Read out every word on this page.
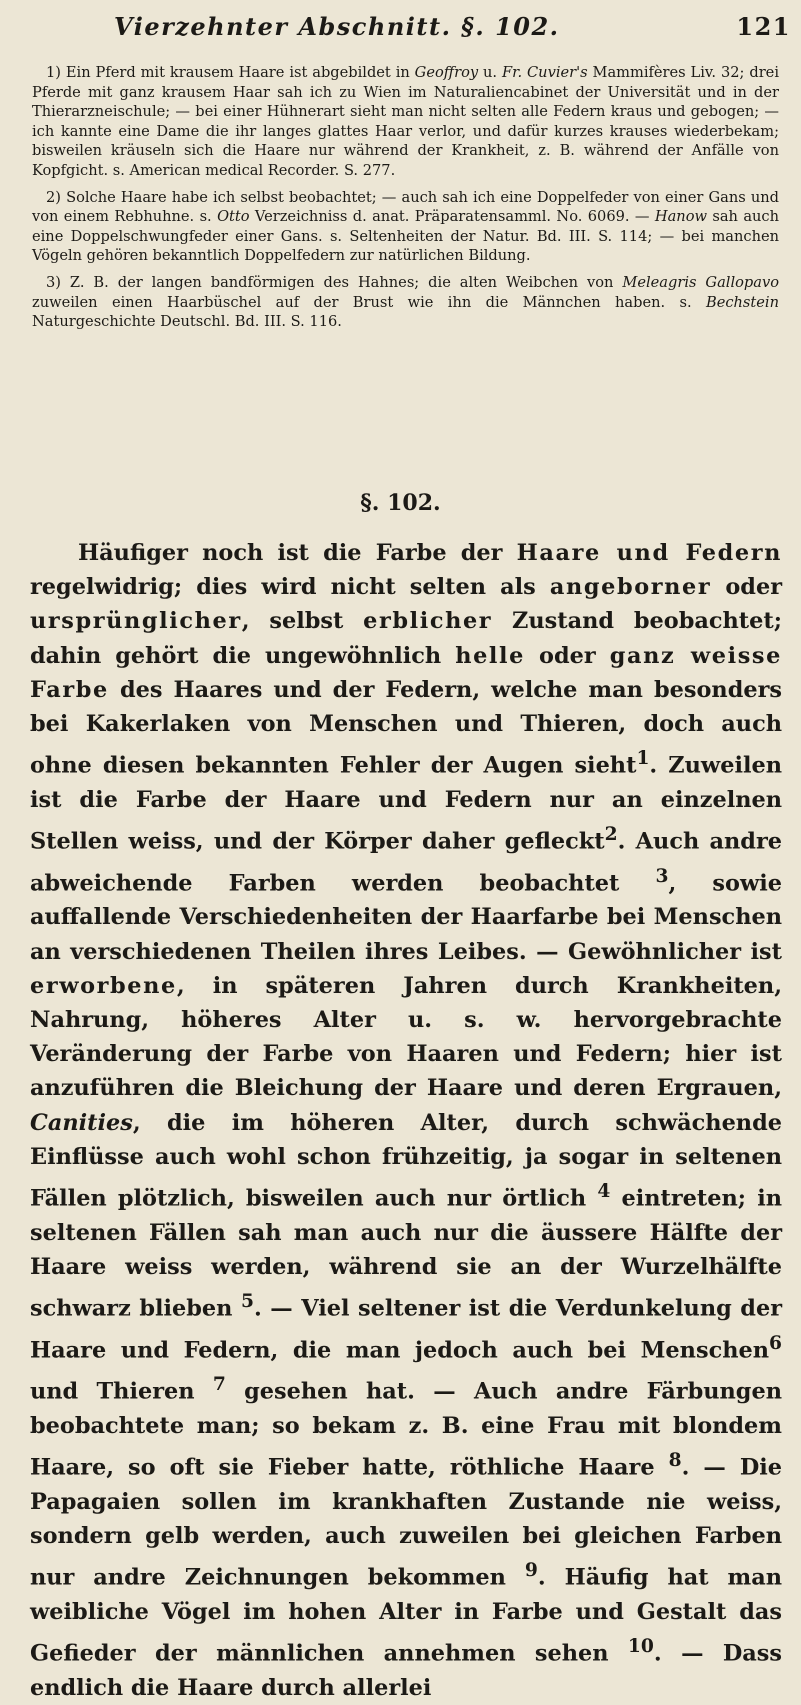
Vierzehnter Abschnitt. §. 102.	121

1) Ein Pferd mit krausem Haare ist abgebildet in Geoffroy u. Fr. Cuvier's Mammifères Liv. 32; drei Pferde mit ganz krausem Haar sah ich zu Wien im Naturaliencabinet der Universität und in der Thierarzneischule; — bei einer Hühnerart sieht man nicht selten alle Federn kraus und gebogen; — ich kannte eine Dame die ihr langes glattes Haar verlor, und dafür kurzes krauses wiederbekam; bisweilen kräuseln sich die Haare nur während der Krankheit, z. B. während der Anfälle von Kopfgicht. s. American medical Recorder. S. 277.

2) Solche Haare habe ich selbst beobachtet; — auch sah ich eine Doppelfeder von einer Gans und von einem Rebhuhne. s. Otto Verzeichniss d. anat. Präparatensamml. No. 6069. — Hanow sah auch eine Doppelschwungfeder einer Gans. s. Seltenheiten der Natur. Bd. III. S. 114; — bei manchen Vögeln gehören bekanntlich Doppelfedern zur natürlichen Bildung.

3) Z. B. der langen bandförmigen des Hahnes; die alten Weibchen von Meleagris Gallopavo zuweilen einen Haarbüschel auf der Brust wie ihn die Männchen haben. s. Bechstein Naturgeschichte Deutschl. Bd. III. S. 116.

§. 102.

Häufiger noch ist die Farbe der Haare und Federn regelwidrig; dies wird nicht selten als angeborner oder ursprünglicher, selbst erblicher Zustand beobachtet; dahin gehört die ungewöhnlich helle oder ganz weisse Farbe des Haares und der Federn, welche man besonders bei Kakerlaken von Menschen und Thieren, doch auch ohne diesen bekannten Fehler der Augen sieht$^1$. Zuweilen ist die Farbe der Haare und Federn nur an einzelnen Stellen weiss, und der Körper daher gefleckt$^2$. Auch andre abweichende Farben werden beobachtet $^3$, sowie auffallende Verschiedenheiten der Haarfarbe bei Menschen an verschiedenen Theilen ihres Leibes. — Gewöhnlicher ist erworbene, in späteren Jahren durch Krankheiten, Nahrung, höheres Alter u. s. w. hervorgebrachte Veränderung der Farbe von Haaren und Federn; hier ist anzuführen die Bleichung der Haare und deren Ergrauen, Canities, die im höheren Alter, durch schwächende Einflüsse auch wohl schon frühzeitig, ja sogar in seltenen Fällen plötzlich, bisweilen auch nur örtlich $^4$ eintreten; in seltenen Fällen sah man auch nur die äussere Hälfte der Haare weiss werden, während sie an der Wurzelhälfte schwarz blieben $^5$. — Viel seltener ist die Verdunkelung der Haare und Federn, die man jedoch auch bei Menschen$^6$ und Thieren $^7$ gesehen hat. — Auch andre Färbungen beobachtete man; so bekam z. B. eine Frau mit blondem Haare, so oft sie Fieber hatte, röthliche Haare $^8$. — Die Papagaien sollen im krankhaften Zustande nie weiss, sondern gelb werden, auch zuweilen bei gleichen Farben nur andre Zeichnungen bekommen $^9$. Häufig hat man weibliche Vögel im hohen Alter in Farbe und Gestalt das Gefieder der männlichen annehmen sehen $^{10}$. — Dass endlich die Haare durch allerlei
